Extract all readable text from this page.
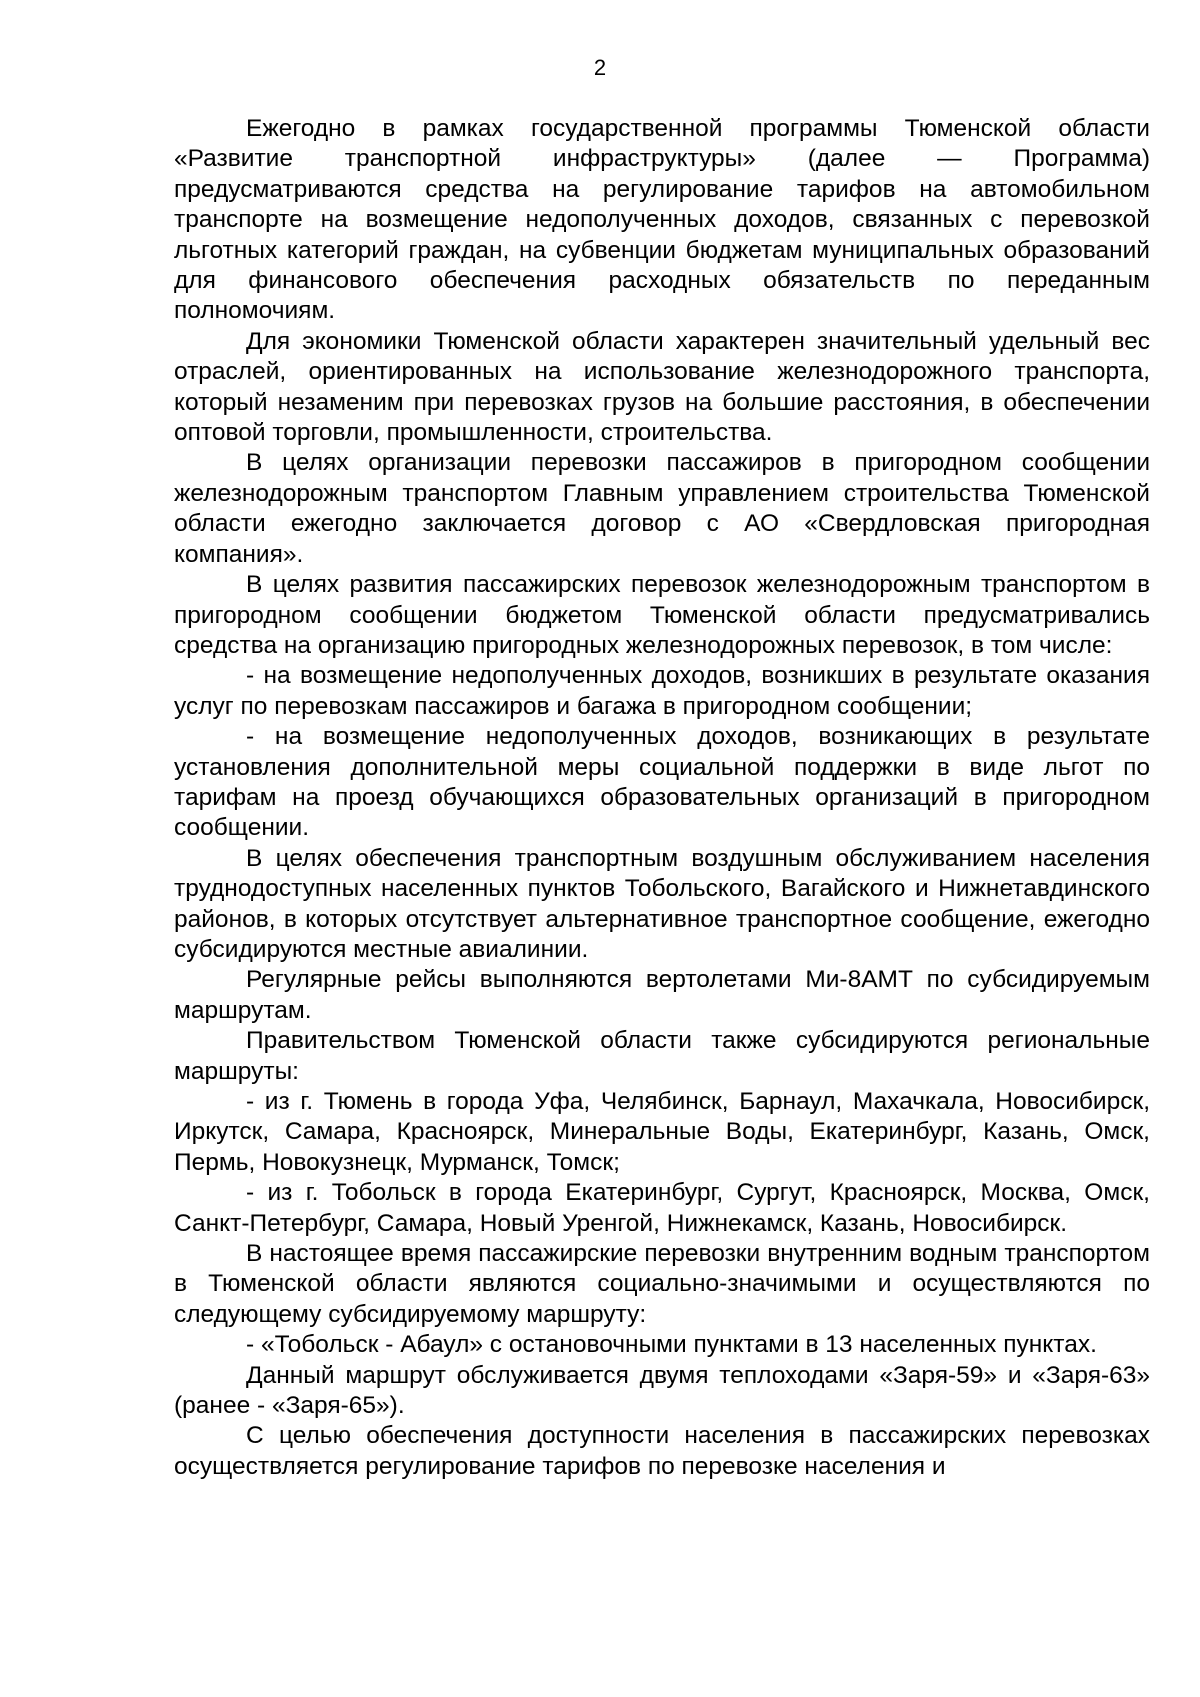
2

Ежегодно в рамках государственной программы Тюменской области «Развитие транспортной инфраструктуры» (далее — Программа) предусматриваются средства на регулирование тарифов на автомобильном транспорте на возмещение недополученных доходов, связанных с перевозкой льготных категорий граждан, на субвенции бюджетам муниципальных образований для финансового обеспечения расходных обязательств по переданным полномочиям.

Для экономики Тюменской области характерен значительный удельный вес отраслей, ориентированных на использование железнодорожного транспорта, который незаменим при перевозках грузов на большие расстояния, в обеспечении оптовой торговли, промышленности, строительства.

В целях организации перевозки пассажиров в пригородном сообщении железнодорожным транспортом Главным управлением строительства Тюменской области ежегодно заключается договор с АО «Свердловская пригородная компания».

В целях развития пассажирских перевозок железнодорожным транспортом в пригородном сообщении бюджетом Тюменской области предусматривались средства на организацию пригородных железнодорожных перевозок, в том числе:

- на возмещение недополученных доходов, возникших в результате оказания услуг по перевозкам пассажиров и багажа в пригородном сообщении;

- на возмещение недополученных доходов, возникающих в результате установления дополнительной меры социальной поддержки в виде льгот по тарифам на проезд обучающихся образовательных организаций в пригородном сообщении.

В целях обеспечения транспортным воздушным обслуживанием населения труднодоступных населенных пунктов Тобольского, Вагайского и Нижнетавдинского районов, в которых отсутствует альтернативное транспортное сообщение, ежегодно субсидируются местные авиалинии.

Регулярные рейсы выполняются вертолетами Ми-8АМТ по субсидируемым маршрутам.

Правительством Тюменской области также субсидируются региональные маршруты:

- из г. Тюмень в города Уфа, Челябинск, Барнаул, Махачкала, Новосибирск, Иркутск, Самара, Красноярск, Минеральные Воды, Екатеринбург, Казань, Омск, Пермь, Новокузнецк, Мурманск, Томск;

- из г. Тобольск в города Екатеринбург, Сургут, Красноярск, Москва, Омск, Санкт-Петербург, Самара, Новый Уренгой, Нижнекамск, Казань, Новосибирск.

В настоящее время пассажирские перевозки внутренним водным транспортом в Тюменской области являются социально-значимыми и осуществляются по следующему субсидируемому маршруту:

- «Тобольск - Абаул» с остановочными пунктами в 13 населенных пунктах.

Данный маршрут обслуживается двумя теплоходами «Заря-59» и «Заря-63» (ранее - «Заря-65»).

С целью обеспечения доступности населения в пассажирских перевозках осуществляется регулирование тарифов по перевозке населения и
